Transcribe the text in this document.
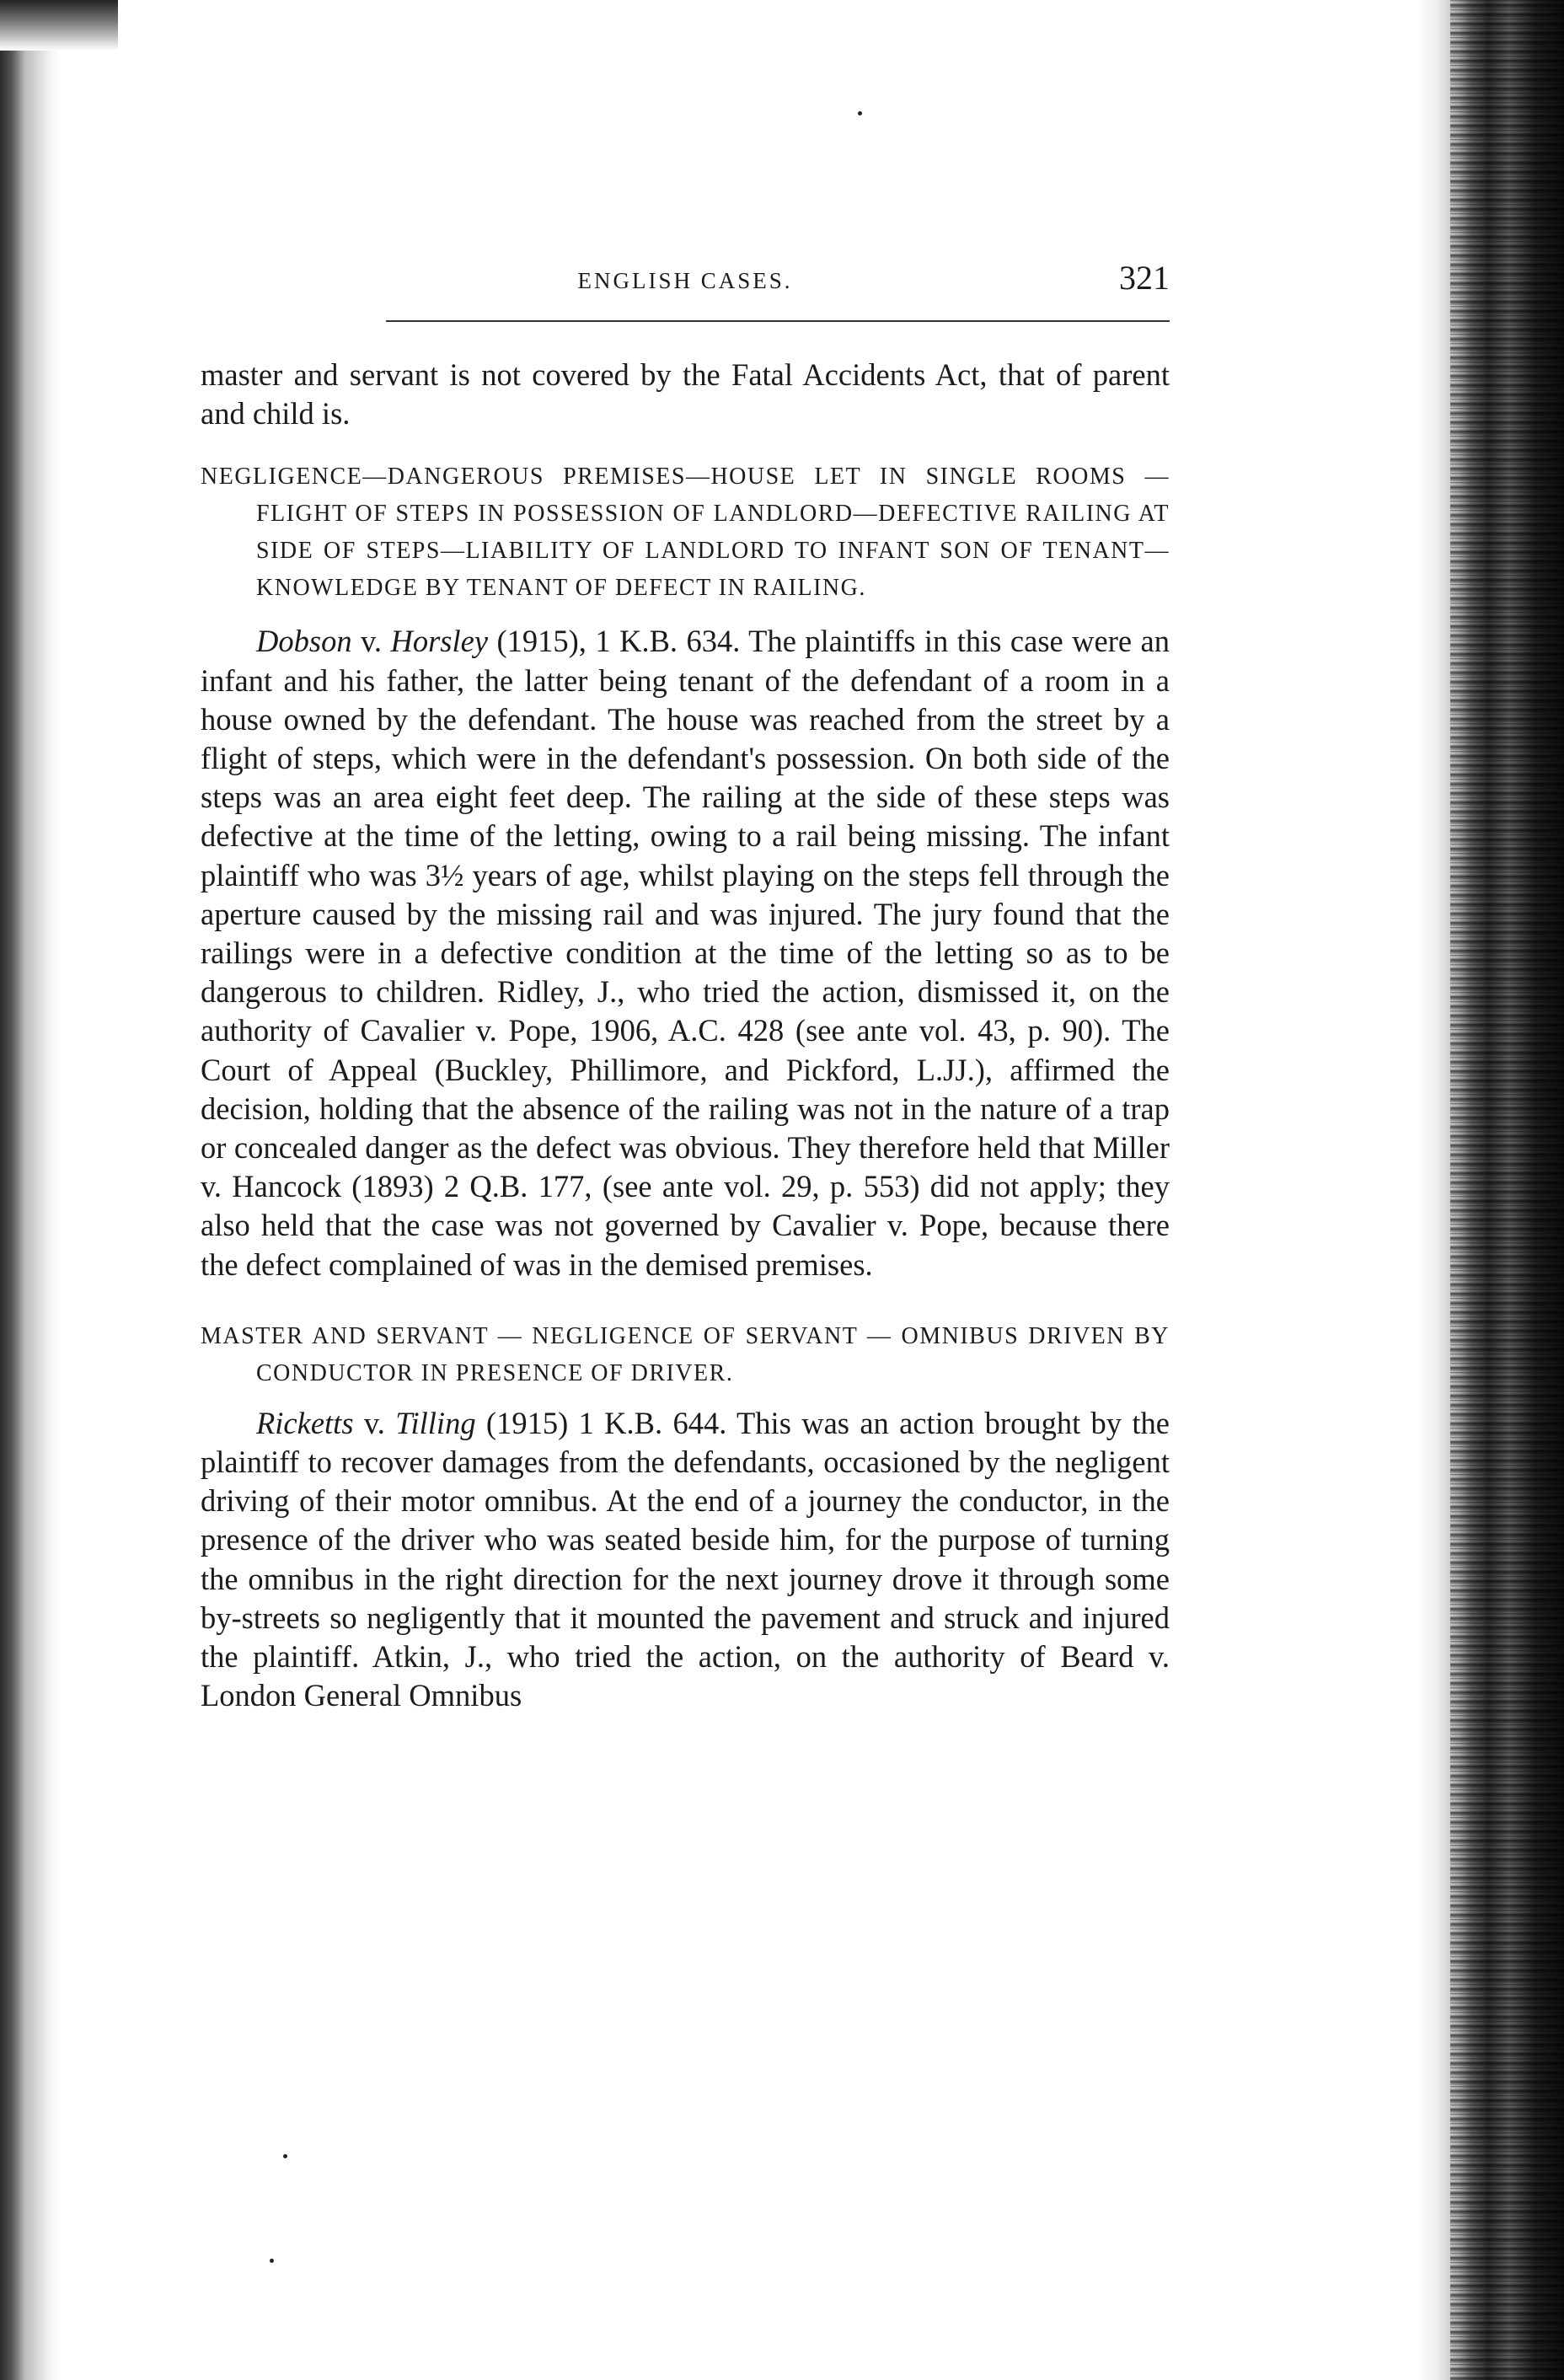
ENGLISH CASES.	321

master and servant is not covered by the Fatal Accidents Act, that of parent and child is.

NEGLIGENCE—DANGEROUS PREMISES—HOUSE LET IN SINGLE ROOMS —FLIGHT OF STEPS IN POSSESSION OF LANDLORD—DEFECTIVE RAILING AT SIDE OF STEPS—LIABILITY OF LANDLORD TO INFANT SON OF TENANT—KNOWLEDGE BY TENANT OF DEFECT IN RAILING.

Dobson v. Horsley (1915), 1 K.B. 634. The plaintiffs in this case were an infant and his father, the latter being tenant of the defendant of a room in a house owned by the defendant. The house was reached from the street by a flight of steps, which were in the defendant's possession. On both side of the steps was an area eight feet deep. The railing at the side of these steps was defective at the time of the letting, owing to a rail being missing. The infant plaintiff who was 3½ years of age, whilst playing on the steps fell through the aperture caused by the missing rail and was injured. The jury found that the railings were in a defective condition at the time of the letting so as to be dangerous to children. Ridley, J., who tried the action, dismissed it, on the authority of Cavalier v. Pope, 1906, A.C. 428 (see ante vol. 43, p. 90). The Court of Appeal (Buckley, Phillimore, and Pickford, L.JJ.), affirmed the decision, holding that the absence of the railing was not in the nature of a trap or concealed danger as the defect was obvious. They therefore held that Miller v. Hancock (1893) 2 Q.B. 177, (see ante vol. 29, p. 553) did not apply; they also held that the case was not governed by Cavalier v. Pope, because there the defect complained of was in the demised premises.

MASTER AND SERVANT — NEGLIGENCE OF SERVANT — OMNIBUS DRIVEN BY CONDUCTOR IN PRESENCE OF DRIVER.

Ricketts v. Tilling (1915) 1 K.B. 644. This was an action brought by the plaintiff to recover damages from the defendants, occasioned by the negligent driving of their motor omnibus. At the end of a journey the conductor, in the presence of the driver who was seated beside him, for the purpose of turning the omnibus in the right direction for the next journey drove it through some by-streets so negligently that it mounted the pavement and struck and injured the plaintiff. Atkin, J., who tried the action, on the authority of Beard v. London General Omnibus
